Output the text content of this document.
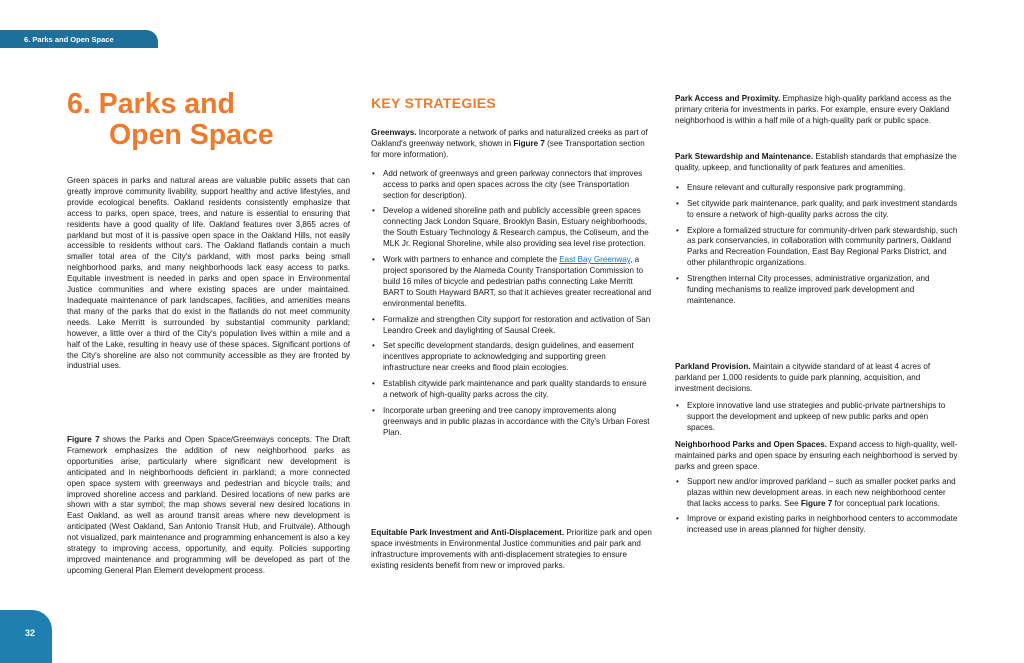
6. Parks and Open Space
6. Parks and
Open Space

Green spaces in parks and natural areas are valuable public assets that can greatly improve community livability, support healthy and active lifestyles, and provide ecological benefits. Oakland residents consistently emphasize that access to parks, open space, trees, and nature is essential to ensuring that residents have a good quality of life. Oakland features over 3,865 acres of parkland but most of it is passive open space in the Oakland Hills, not easily accessible to residents without cars. The Oakland flatlands contain a much smaller total area of the City's parkland, with most parks being small neighborhood parks, and many neighborhoods lack easy access to parks. Equitable investment is needed in parks and open space in Environmental Justice communities and where existing spaces are under maintained. Inadequate maintenance of park landscapes, facilities, and amenities means that many of the parks that do exist in the flatlands do not meet community needs. Lake Merritt is surrounded by substantial community parkland; however, a little over a third of the City's population lives within a mile and a half of the Lake, resulting in heavy use of these spaces. Significant portions of the City's shoreline are also not community accessible as they are fronted by industrial uses.

Figure 7 shows the Parks and Open Space/Greenways concepts. The Draft Framework emphasizes the addition of new neighborhood parks as opportunities arise, particularly where significant new development is anticipated and in neighborhoods deficient in parkland; a more connected open space system with greenways and pedestrian and bicycle trails; and improved shoreline access and parkland. Desired locations of new parks are shown with a star symbol; the map shows several new desired locations in East Oakland, as well as around transit areas where new development is anticipated (West Oakland, San Antonio Transit Hub, and Fruitvale). Although not visualized, park maintenance and programming enhancement is also a key strategy to improving access, opportunity, and equity. Policies supporting improved maintenance and programming will be developed as part of the upcoming General Plan Element development process.

KEY STRATEGIES

Greenways. Incorporate a network of parks and naturalized creeks as part of Oakland's greenway network, shown in Figure 7 (see Transportation section for more information).

• Add network of greenways and green parkway connectors that improves access to parks and open spaces across the city (see Transportation section for description).
• Develop a widened shoreline path and publicly accessible green spaces connecting Jack London Square, Brooklyn Basin, Estuary neighborhoods, the South Estuary Technology & Research campus, the Coliseum, and the MLK Jr. Regional Shoreline, while also providing sea level rise protection.
• Work with partners to enhance and complete the East Bay Greenway, a project sponsored by the Alameda County Transportation Commission to build 16 miles of bicycle and pedestrian paths connecting Lake Merritt BART to South Hayward BART, so that it achieves greater recreational and environmental benefits.
• Formalize and strengthen City support for restoration and activation of San Leandro Creek and daylighting of Sausal Creek.
• Set specific development standards, design guidelines, and easement incentives appropriate to acknowledging and supporting green infrastructure near creeks and flood plain ecologies.
• Establish citywide park maintenance and park quality standards to ensure a network of high-quality parks across the city.
• Incorporate urban greening and tree canopy improvements along greenways and in public plazas in accordance with the City's Urban Forest Plan.

Equitable Park Investment and Anti-Displacement. Prioritize park and open space investments in Environmental Justice communities and pair park and infrastructure improvements with anti-displacement strategies to ensure existing residents benefit from new or improved parks.

Park Access and Proximity. Emphasize high-quality parkland access as the primary criteria for investments in parks. For example, ensure every Oakland neighborhood is within a half mile of a high-quality park or public space.

Park Stewardship and Maintenance. Establish standards that emphasize the quality, upkeep, and functionality of park features and amenities.

• Ensure relevant and culturally responsive park programming.
• Set citywide park maintenance, park quality, and park investment standards to ensure a network of high-quality parks across the city.
• Explore a formalized structure for community-driven park stewardship, such as park conservancies, in collaboration with community partners, Oakland Parks and Recreation Foundation, East Bay Regional Parks District, and other philanthropic organizations.
• Strengthen internal City processes, administrative organization, and funding mechanisms to realize improved park development and maintenance.

Parkland Provision. Maintain a citywide standard of at least 4 acres of parkland per 1,000 residents to guide park planning, acquisition, and investment decisions.

• Explore innovative land use strategies and public-private partnerships to support the development and upkeep of new public parks and open spaces.

Neighborhood Parks and Open Spaces. Expand access to high-quality, well-maintained parks and open space by ensuring each neighborhood is served by parks and green space.

• Support new and/or improved parkland – such as smaller pocket parks and plazas within new development areas. in each new neighborhood center that lacks access to parks. See Figure 7 for conceptual park locations.
• Improve or expand existing parks in neighborhood centers to accommodate increased use in areas planned for higher density.
32
